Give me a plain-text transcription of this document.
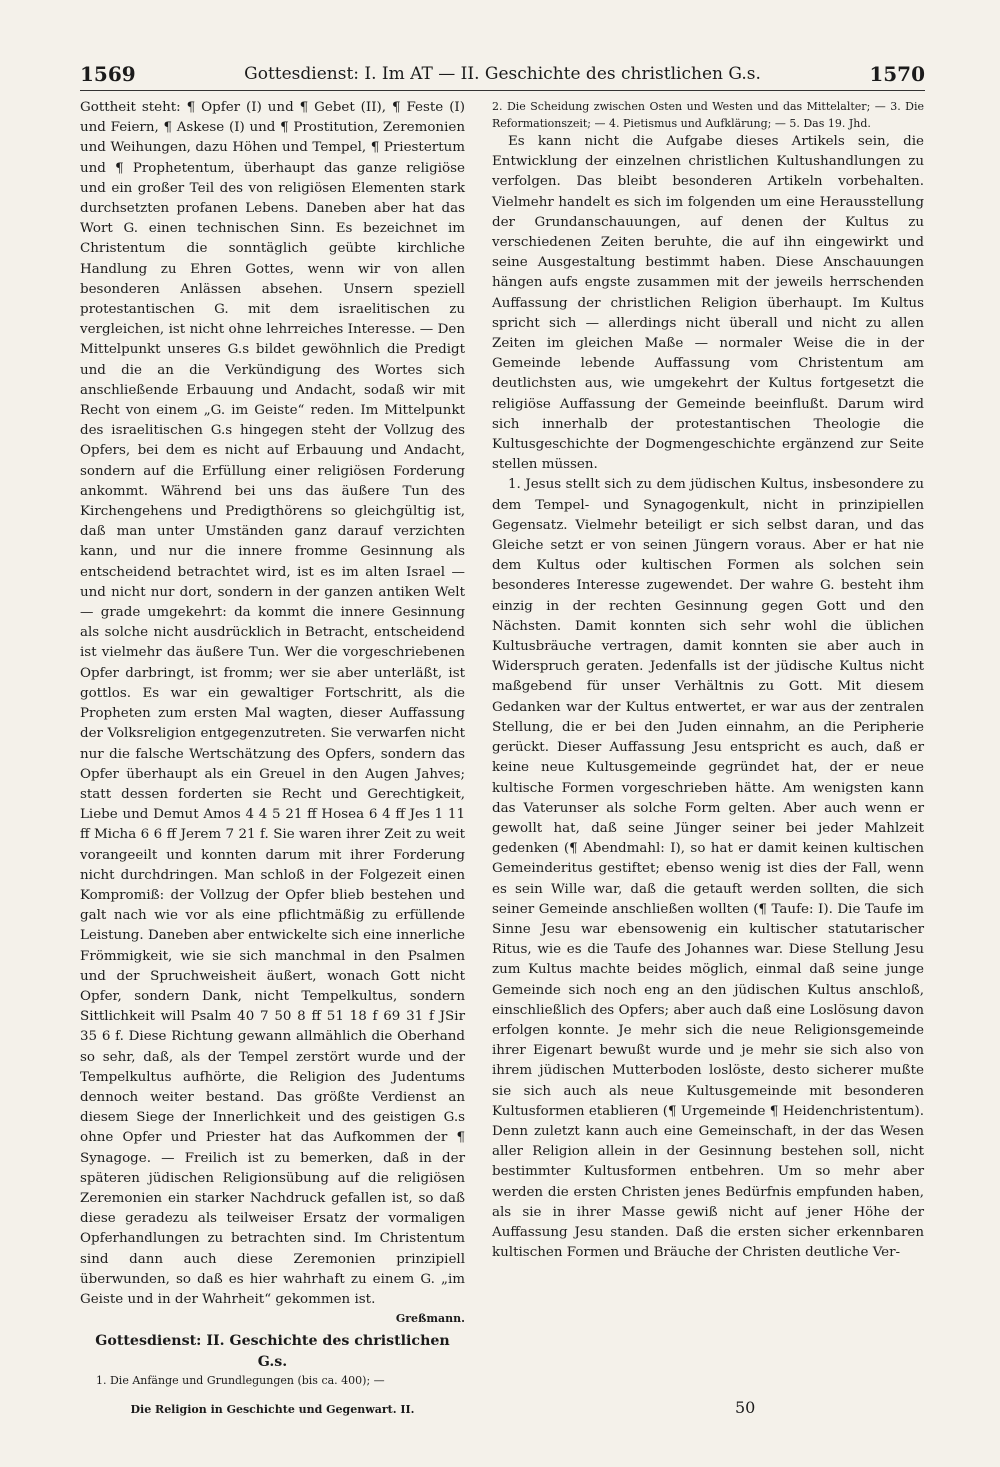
1569	Gottesdienst: I. Im AT — II. Geschichte des christlichen G.s.	1570

Gottheit steht: ¶ Opfer (I) und ¶ Gebet (II), ¶ Feste (I) und Feiern, ¶ Askese (I) und ¶ Prostitution, Zeremonien und Weihungen, dazu Höhen und Tempel, ¶ Priestertum und ¶ Prophetentum, überhaupt das ganze religiöse und ein großer Teil des von religiösen Elementen stark durchsetzten profanen Lebens. Daneben aber hat das Wort G. einen technischen Sinn. Es bezeichnet im Christentum die sonntäglich geübte kirchliche Handlung zu Ehren Gottes, wenn wir von allen besonderen Anlässen absehen. Unsern speziell protestantischen G. mit dem israelitischen zu vergleichen, ist nicht ohne lehrreiches Interesse. — Den Mittelpunkt unseres G.s bildet gewöhnlich die Predigt und die an die Verkündigung des Wortes sich anschließende Erbauung und Andacht, sodaß wir mit Recht von einem „G. im Geiste“ reden. Im Mittelpunkt des israelitischen G.s hingegen steht der Vollzug des Opfers, bei dem es nicht auf Erbauung und Andacht, sondern auf die Erfüllung einer religiösen Forderung ankommt. Während bei uns das äußere Tun des Kirchengehens und Predigthörens so gleichgültig ist, daß man unter Umständen ganz darauf verzichten kann, und nur die innere fromme Gesinnung als entscheidend betrachtet wird, ist es im alten Israel — und nicht nur dort, sondern in der ganzen antiken Welt — grade umgekehrt: da kommt die innere Gesinnung als solche nicht ausdrücklich in Betracht, entscheidend ist vielmehr das äußere Tun. Wer die vorgeschriebenen Opfer darbringt, ist fromm; wer sie aber unterläßt, ist gottlos. Es war ein gewaltiger Fortschritt, als die Propheten zum ersten Mal wagten, dieser Auffassung der Volksreligion entgegenzutreten. Sie verwarfen nicht nur die falsche Wertschätzung des Opfers, sondern das Opfer überhaupt als ein Greuel in den Augen Jahves; statt dessen forderten sie Recht und Gerechtigkeit, Liebe und Demut Amos 4 4 5 21 ff Hosea 6 4 ff Jes 1 11 ff Micha 6 6 ff Jerem 7 21 f. Sie waren ihrer Zeit zu weit vorangeeilt und konnten darum mit ihrer Forderung nicht durchdringen. Man schloß in der Folgezeit einen Kompromiß: der Vollzug der Opfer blieb bestehen und galt nach wie vor als eine pflichtmäßig zu erfüllende Leistung. Daneben aber entwickelte sich eine innerliche Frömmigkeit, wie sie sich manchmal in den Psalmen und der Spruchweisheit äußert, wonach Gott nicht Opfer, sondern Dank, nicht Tempelkultus, sondern Sittlichkeit will Psalm 40 7 50 8 ff 51 18 f 69 31 f JSir 35 6 f. Diese Richtung gewann allmählich die Oberhand so sehr, daß, als der Tempel zerstört wurde und der Tempelkultus aufhörte, die Religion des Judentums dennoch weiter bestand. Das größte Verdienst an diesem Siege der Innerlichkeit und des geistigen G.s ohne Opfer und Priester hat das Aufkommen der ¶ Synagoge. — Freilich ist zu bemerken, daß in der späteren jüdischen Religionsübung auf die religiösen Zeremonien ein starker Nachdruck gefallen ist, so daß diese geradezu als teilweiser Ersatz der vormaligen Opferhandlungen zu betrachten sind. Im Christentum sind dann auch diese Zeremonien prinzipiell überwunden, so daß es hier wahrhaft zu einem G. „im Geiste und in der Wahrheit“ gekommen ist.

Greßmann.
Gottesdienst: II. Geschichte des christlichen G.s.

1. Die Anfänge und Grundlegungen (bis ca. 400); —

2. Die Scheidung zwischen Osten und Westen und das Mittelalter; — 3. Die Reformationszeit; — 4. Pietismus und Aufklärung; — 5. Das 19. Jhd.

Es kann nicht die Aufgabe dieses Artikels sein, die Entwicklung der einzelnen christlichen Kultushandlungen zu verfolgen. Das bleibt besonderen Artikeln vorbehalten. Vielmehr handelt es sich im folgenden um eine Herausstellung der Grundanschauungen, auf denen der Kultus zu verschiedenen Zeiten beruhte, die auf ihn eingewirkt und seine Ausgestaltung bestimmt haben. Diese Anschauungen hängen aufs engste zusammen mit der jeweils herrschenden Auffassung der christlichen Religion überhaupt. Im Kultus spricht sich — allerdings nicht überall und nicht zu allen Zeiten im gleichen Maße — normaler Weise die in der Gemeinde lebende Auffassung vom Christentum am deutlichsten aus, wie umgekehrt der Kultus fortgesetzt die religiöse Auffassung der Gemeinde beeinflußt. Darum wird sich innerhalb der protestantischen Theologie die Kultusgeschichte der Dogmengeschichte ergänzend zur Seite stellen müssen.

1. Jesus stellt sich zu dem jüdischen Kultus, insbesondere zu dem Tempel- und Synagogenkult, nicht in prinzipiellen Gegensatz. Vielmehr beteiligt er sich selbst daran, und das Gleiche setzt er von seinen Jüngern voraus. Aber er hat nie dem Kultus oder kultischen Formen als solchen sein besonderes Interesse zugewendet. Der wahre G. besteht ihm einzig in der rechten Gesinnung gegen Gott und den Nächsten. Damit konnten sich sehr wohl die üblichen Kultusbräuche vertragen, damit konnten sie aber auch in Widerspruch geraten. Jedenfalls ist der jüdische Kultus nicht maßgebend für unser Verhältnis zu Gott. Mit diesem Gedanken war der Kultus entwertet, er war aus der zentralen Stellung, die er bei den Juden einnahm, an die Peripherie gerückt. Dieser Auffassung Jesu entspricht es auch, daß er keine neue Kultusgemeinde gegründet hat, der er neue kultische Formen vorgeschrieben hätte. Am wenigsten kann das Vaterunser als solche Form gelten. Aber auch wenn er gewollt hat, daß seine Jünger seiner bei jeder Mahlzeit gedenken (¶ Abendmahl: I), so hat er damit keinen kultischen Gemeinderitus gestiftet; ebenso wenig ist dies der Fall, wenn es sein Wille war, daß die getauft werden sollten, die sich seiner Gemeinde anschließen wollten (¶ Taufe: I). Die Taufe im Sinne Jesu war ebensowenig ein kultischer statutarischer Ritus, wie es die Taufe des Johannes war. Diese Stellung Jesu zum Kultus machte beides möglich, einmal daß seine junge Gemeinde sich noch eng an den jüdischen Kultus anschloß, einschließlich des Opfers; aber auch daß eine Loslösung davon erfolgen konnte. Je mehr sich die neue Religionsgemeinde ihrer Eigenart bewußt wurde und je mehr sie sich also von ihrem jüdischen Mutterboden loslöste, desto sicherer mußte sie sich auch als neue Kultusgemeinde mit besonderen Kultusformen etablieren (¶ Urgemeinde ¶ Heidenchristentum). Denn zuletzt kann auch eine Gemeinschaft, in der das Wesen aller Religion allein in der Gesinnung bestehen soll, nicht bestimmter Kultusformen entbehren. Um so mehr aber werden die ersten Christen jenes Bedürfnis empfunden haben, als sie in ihrer Masse gewiß nicht auf jener Höhe der Auffassung Jesu standen. Daß die ersten sicher erkennbaren kultischen Formen und Bräuche der Christen deutliche Ver-

Die Religion in Geschichte und Gegenwart. II.	50
